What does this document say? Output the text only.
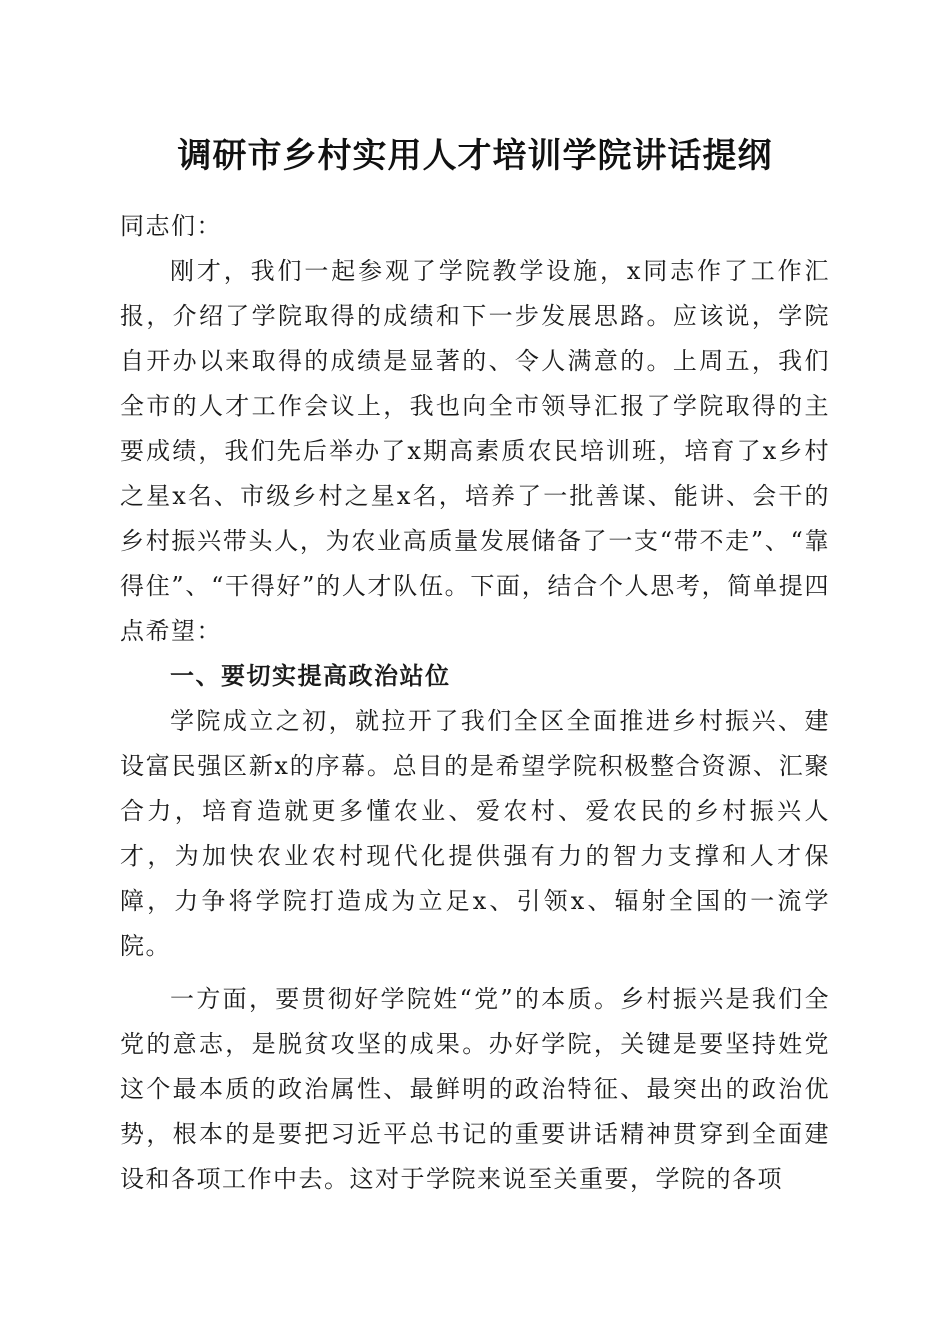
调研市乡村实用人才培训学院讲话提纲

同志们：

刚才，我们一起参观了学院教学设施，x同志作了工作汇报，介绍了学院取得的成绩和下一步发展思路。应该说，学院自开办以来取得的成绩是显著的、令人满意的。上周五，我们全市的人才工作会议上，我也向全市领导汇报了学院取得的主要成绩，我们先后举办了x期高素质农民培训班，培育了x乡村之星x名、市级乡村之星x名，培养了一批善谋、能讲、会干的乡村振兴带头人，为农业高质量发展储备了一支“带不走”、“靠得住”、“干得好”的人才队伍。下面，结合个人思考，简单提四点希望：

一、要切实提高政治站位

学院成立之初，就拉开了我们全区全面推进乡村振兴、建设富民强区新x的序幕。总目的是希望学院积极整合资源、汇聚合力，培育造就更多懂农业、爱农村、爱农民的乡村振兴人才，为加快农业农村现代化提供强有力的智力支撑和人才保障，力争将学院打造成为立足x、引领x、辐射全国的一流学院。

一方面，要贯彻好学院姓“党”的本质。乡村振兴是我们全党的意志，是脱贫攻坚的成果。办好学院，关键是要坚持姓党这个最本质的政治属性、最鲜明的政治特征、最突出的政治优势，根本的是要把习近平总书记的重要讲话精神贯穿到全面建设和各项工作中去。这对于学院来说至关重要，学院的各项
